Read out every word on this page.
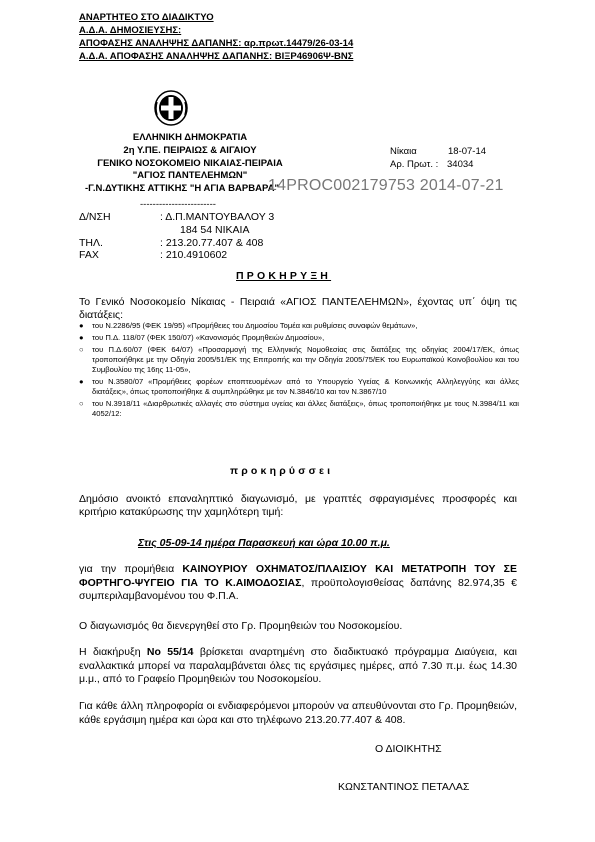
ΑΝΑΡΤΗΤΕΟ ΣΤΟ ΔΙΑΔΙΚΤΥΟ
Α.Δ.Α. ΔΗΜΟΣΙΕΥΣΗΣ:
ΑΠΟΦΑΣΗΣ ΑΝΑΛΗΨΗΣ ΔΑΠΑΝΗΣ: αρ.πρωτ.14479/26-03-14
Α.Δ.Α. ΑΠΟΦΑΣΗΣ ΑΝΑΛΗΨΗΣ ΔΑΠΑΝΗΣ: ΒΙΞΡ46906Ψ-ΒΝΣ
ΕΛΛΗΝΙΚΗ ΔΗΜΟΚΡΑΤΙΑ
2η Υ.ΠΕ. ΠΕΙΡΑΙΩΣ & ΑΙΓΑΙΟΥ
ΓΕΝΙΚΟ ΝΟΣΟΚΟΜΕΙΟ ΝΙΚΑΙΑΣ-ΠΕΙΡΑΙΑ
"ΑΓΙΟΣ ΠΑΝΤΕΛΕΗΜΩΝ"
-Γ.Ν.ΔΥΤΙΚΗΣ ΑΤΤΙΚΗΣ "Η ΑΓΙΑ ΒΑΡΒΑΡΑ"
Νίκαια	18-07-14
Αρ. Πρωτ. : 34034
14PROC002179753 2014-07-21
------------------------
Δ/ΝΣΗ	: Δ.Π.ΜΑΝΤΟΥΒΑΛΟΥ 3
184 54 ΝΙΚΑΙΑ
ΤΗΛ.	: 213.20.77.407 & 408
FAX	: 210.4910602
ΠΡΟΚΗΡΥΞΗ
Το Γενικό Νοσοκομείο Νίκαιας - Πειραιά «ΑΓΙΟΣ ΠΑΝΤΕΛΕΗΜΩΝ», έχοντας υπ΄ όψη τις διατάξεις:
● του Ν.2286/95 (ΦΕΚ 19/95) «Προμήθειες του Δημοσίου Τομέα και ρυθμίσεις συναφών θεμάτων»,
● του Π.Δ. 118/07 (ΦΕΚ 150/07) «Κανονισμός Προμηθειών Δημοσίου»,
○ του Π.Δ.60/07 (ΦΕΚ 64/07) «Προσαρμογή της Ελληνικής Νομοθεσίας στις διατάξεις της οδηγίας 2004/17/ΕΚ, όπως τροποποιήθηκε με την Οδηγία 2005/51/ΕΚ της Επιτροπής και την Οδηγία 2005/75/ΕΚ του Ευρωπαϊκού Κοινοβουλίου και του Συμβουλίου της 16ης 11-05»,
● του Ν.3580/07 «Προμήθειες φορέων εποπτευομένων από το Υπουργείο Υγείας & Κοινωνικής Αλληλεγγύης και άλλες διατάξεις», όπως τροποποιήθηκε & συμπληρώθηκε με τον Ν.3846/10 και τον Ν.3867/10
○ του Ν.3918/11 «Διαρθρωτικές αλλαγές στο σύστημα υγείας και άλλες διατάξεις», όπως τροποποιήθηκε με τους Ν.3984/11 και 4052/12:
προκηρύσσει
Δημόσιο ανοικτό επαναληπτικό διαγωνισμό, με γραπτές σφραγισμένες προσφορές και κριτήριο κατακύρωσης την χαμηλότερη τιμή:
Στις 05-09-14 ημέρα Παρασκευή και ώρα 10.00 π.μ.
για την προμήθεια ΚΑΙΝΟΥΡΙΟΥ ΟΧΗΜΑΤΟΣ/ΠΛΑΙΣΙΟΥ ΚΑΙ ΜΕΤΑΤΡΟΠΗ ΤΟΥ ΣΕ ΦΟΡΤΗΓΟ-ΨΥΓΕΙΟ ΓΙΑ ΤΟ Κ.ΑΙΜΟΔΟΣΙΑΣ, προϋπολογισθείσας δαπάνης 82.974,35 € συμπεριλαμβανομένου του Φ.Π.Α.
Ο διαγωνισμός θα διενεργηθεί στο Γρ. Προμηθειών του Νοσοκομείου.
Η διακήρυξη Νο 55/14 βρίσκεται αναρτημένη στο διαδικτυακό πρόγραμμα Διαύγεια, και εναλλακτικά μπορεί να παραλαμβάνεται όλες τις εργάσιμες ημέρες, από 7.30 π.μ. έως 14.30 μ.μ., από το Γραφείο Προμηθειών του Νοσοκομείου.
Για κάθε άλλη πληροφορία οι ενδιαφερόμενοι μπορούν να απευθύνονται στο Γρ. Προμηθειών, κάθε εργάσιμη ημέρα και ώρα και στο τηλέφωνο 213.20.77.407 & 408.
Ο ΔΙΟΙΚΗΤΗΣ
ΚΩΝΣΤΑΝΤΙΝΟΣ ΠΕΤΑΛΑΣ
